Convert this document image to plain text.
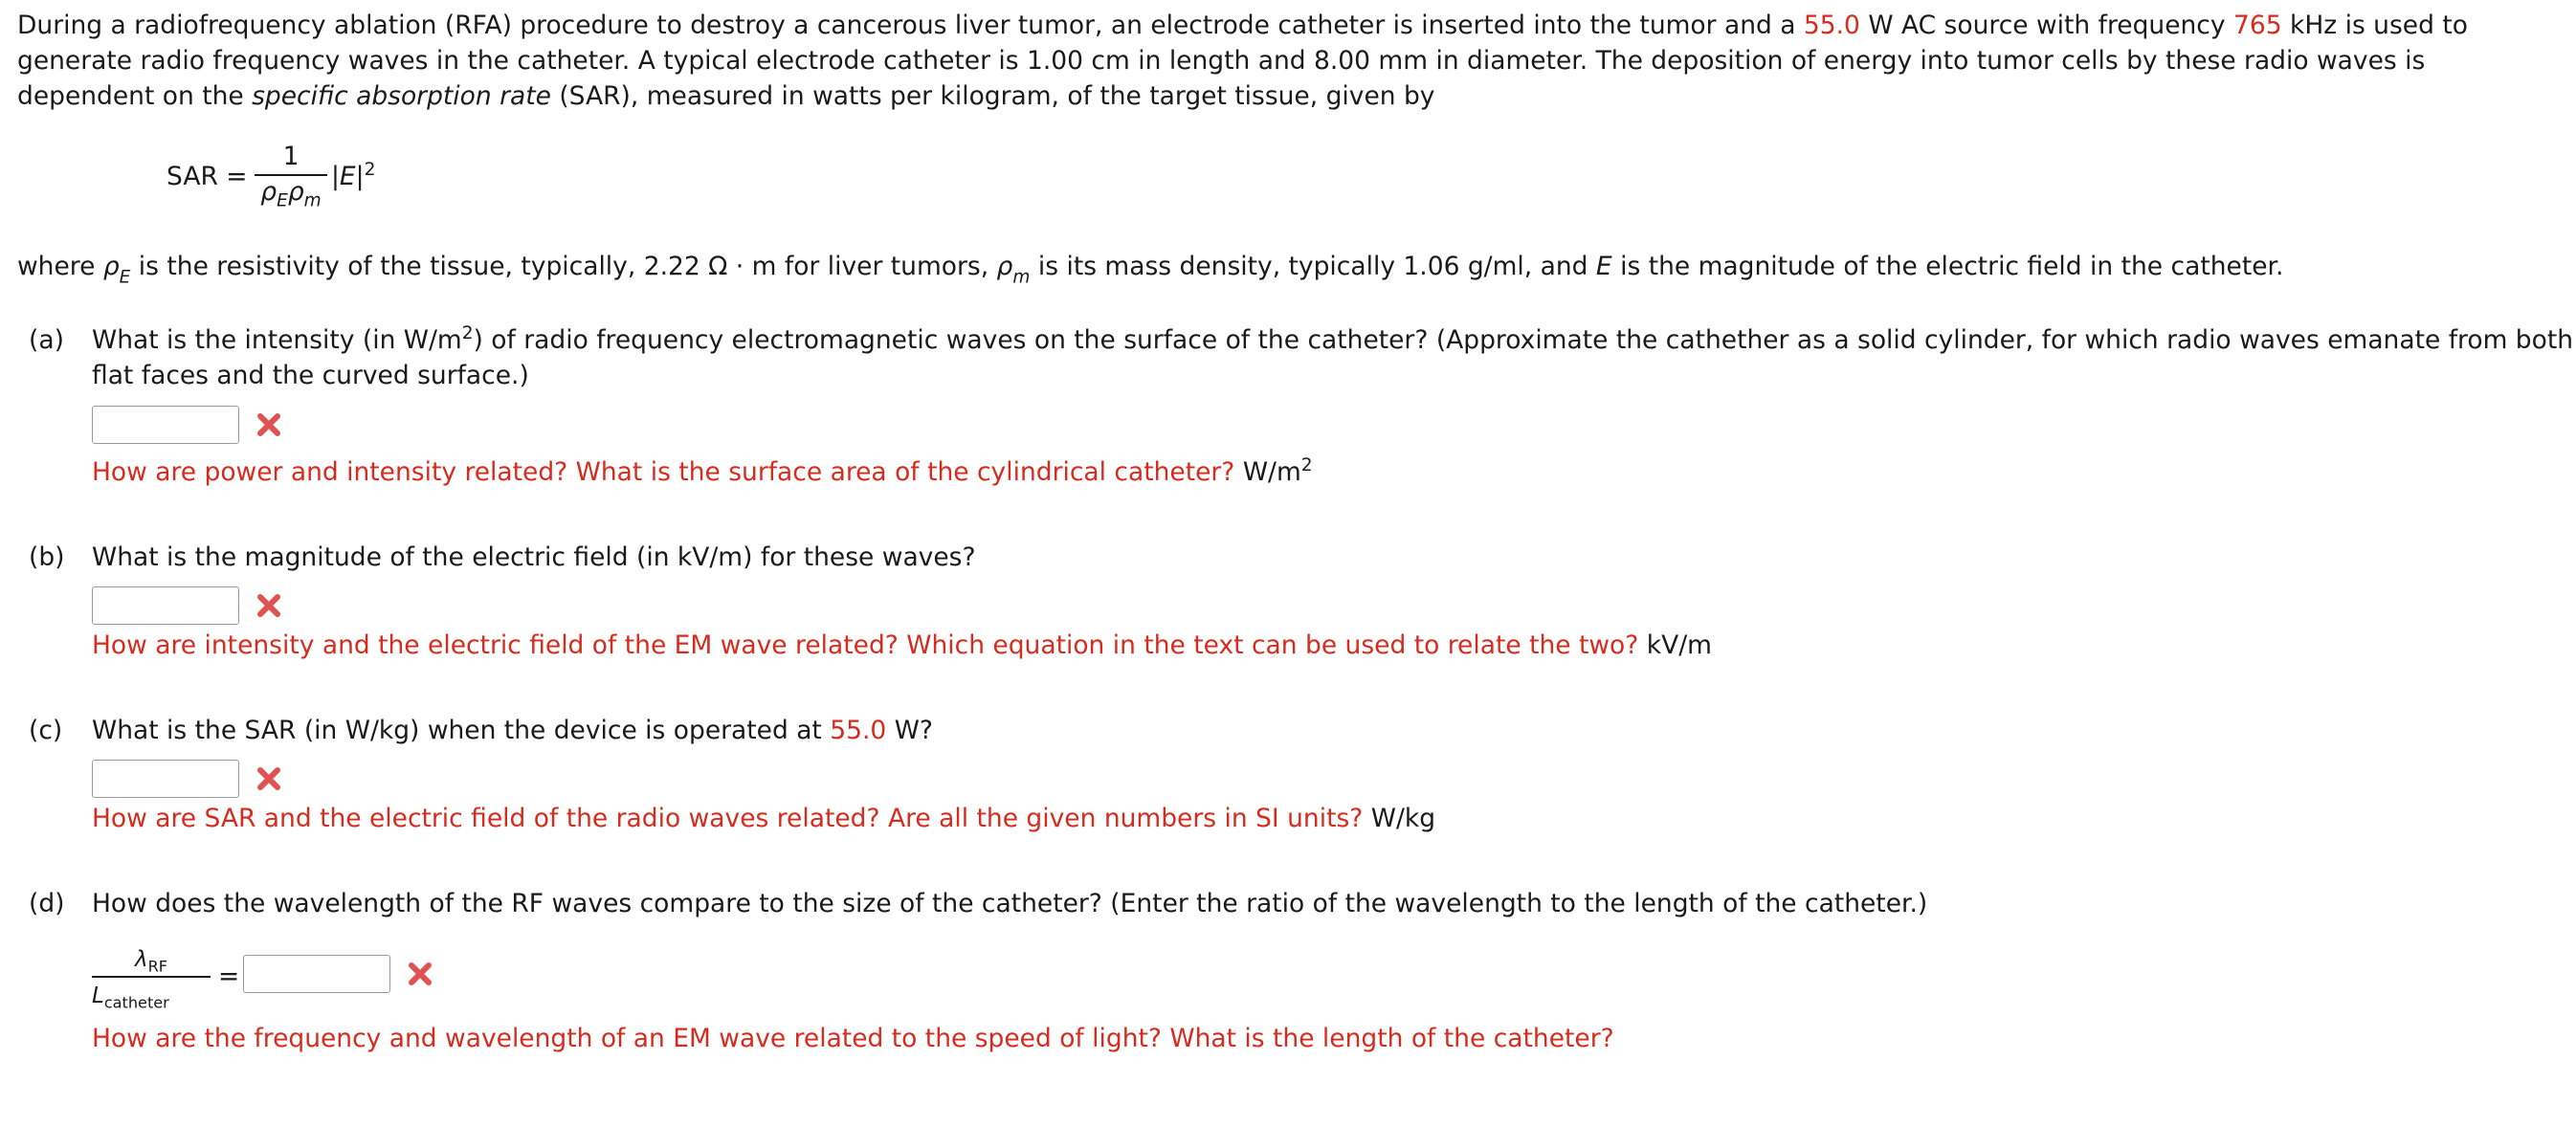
During a radiofrequency ablation (RFA) procedure to destroy a cancerous liver tumor, an electrode catheter is inserted into the tumor and a 55.0 W AC source with frequency 765 kHz is used to generate radio frequency waves in the catheter. A typical electrode catheter is 1.00 cm in length and 8.00 mm in diameter. The deposition of energy into tumor cells by these radio waves is dependent on the specific absorption rate (SAR), measured in watts per kilogram, of the target tissue, given by

SAR =
1
$\rho_E\rho_m$
$|E|^2$
where $\rho_E$ is the resistivity of the tissue, typically, 2.22 Ω · m for liver tumors, $\rho_m$ is its mass density, typically 1.06 g/ml, and E is the magnitude of the electric field in the catheter.
(a) What is the intensity (in $W/m^2$) of radio frequency electromagnetic waves on the surface of the catheter? (Approximate the cathether as a solid cylinder, for which radio waves emanate from both flat faces and the curved surface.)

How are power and intensity related? What is the surface area of the cylindrical catheter? $W/m^2$
(b) What is the magnitude of the electric field (in kV/m) for these waves?

How are intensity and the electric field of the EM wave related? Which equation in the text can be used to relate the two? kV/m
(c) What is the SAR (in W/kg) when the device is operated at 55.0 W?

How are SAR and the electric field of the radio waves related? Are all the given numbers in SI units? W/kg
(d) How does the wavelength of the RF waves compare to the size of the catheter? (Enter the ratio of the wavelength to the length of the catheter.)
$\lambda_{RF}$
$L_{catheter}$
=

How are the frequency and wavelength of an EM wave related to the speed of light? What is the length of the catheter?
